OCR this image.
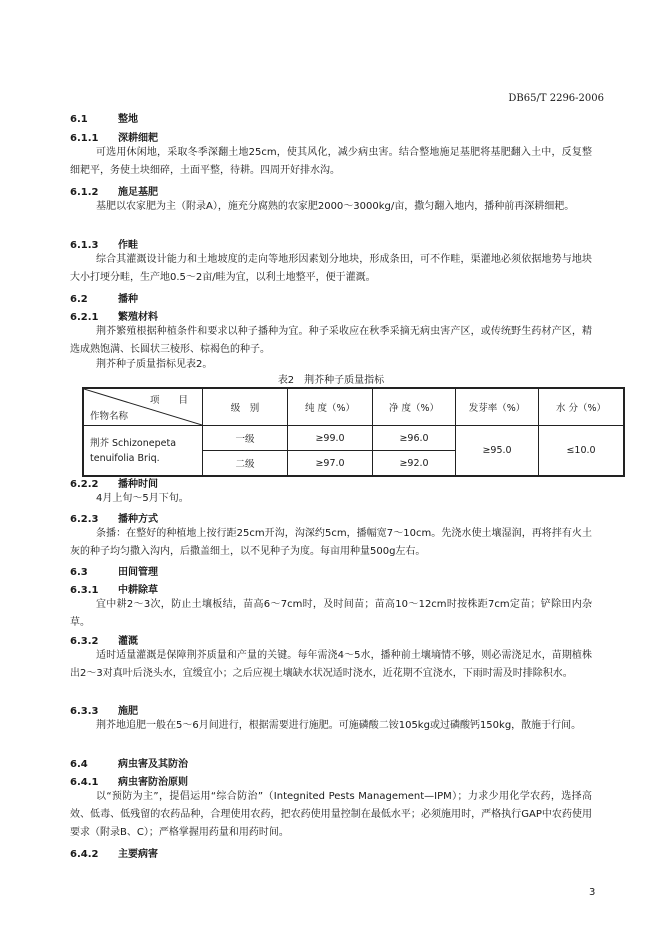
DB65/T 2296-2006
6.1	整地
6.1.1 深耕细耙
可选用休闲地，采取冬季深翻土地25cm，使其风化，减少病虫害。结合整地施足基肥将基肥翻入土中，反复整细耙平，务使土块细碎，土面平整，待耕。四周开好排水沟。
6.1.2 施足基肥
基肥以农家肥为主（附录A），施充分腐熟的农家肥2000～3000kg/亩，撒匀翻入地内，播种前再深耕细耙。
6.1.3 作畦
综合其灌溉设计能力和土地坡度的走向等地形因素划分地块，形成条田，可不作畦，渠灌地必须依据地势与地块大小打埂分畦，生产地0.5～2亩/畦为宜，以利土地整平，便于灌溉。
6.2	播种
6.2.1 繁殖材料
荆芥繁殖根据种植条件和要求以种子播种为宜。种子采收应在秋季采摘无病虫害产区，或传统野生药材产区，精选成熟饱满、长圆状三棱形、棕褐色的种子。
荆芥种子质量指标见表2。
表2　荆芥种子质量指标
项　　目
作物名称	级　别	纯 度（%）	净 度（%）	发芽率（%）	水 分（%）
荆芥 Schizonepeta tenuifolia Briq.	一级	≥99.0	≥96.0	≥95.0	≤10.0
	二级	≥97.0	≥92.0		
6.2.2 播种时间
4月上旬～5月下旬。
6.2.3 播种方式
条播：在整好的种植地上按行距25cm开沟，沟深约5cm，播幅宽7～10cm。先浇水使土壤湿润，再将拌有火土灰的种子均匀撒入沟内，后撒盖细土，以不见种子为度。每亩用种量500g左右。
6.3	田间管理
6.3.1 中耕除草
宜中耕2～3次，防止土壤板结，苗高6～7cm时，及时间苗；苗高10～12cm时按株距7cm定苗；铲除田内杂草。
6.3.2 灌溉
适时适量灌溉是保障荆芥质量和产量的关键。每年需浇4～5水，播种前土壤墒情不够，则必需浇足水，苗期植株出2～3对真叶后浇头水，宜缓宜小；之后应视土壤缺水状况适时浇水，近花期不宜浇水，下雨时需及时排除积水。
6.3.3 施肥
荆芥地追肥一般在5～6月间进行，根据需要进行施肥。可施磷酸二铵105kg或过磷酸钙150kg，散施于行间。
6.4	病虫害及其防治
6.4.1 病虫害防治原则
以“预防为主”，提倡运用“综合防治”（Integnited Pests Management—IPM）；力求少用化学农药，选择高效、低毒、低残留的农药品种，合理使用农药，把农药使用量控制在最低水平；必须施用时，严格执行GAP中农药使用要求（附录B、C）；严格掌握用药量和用药时间。
6.4.2 主要病害
3
